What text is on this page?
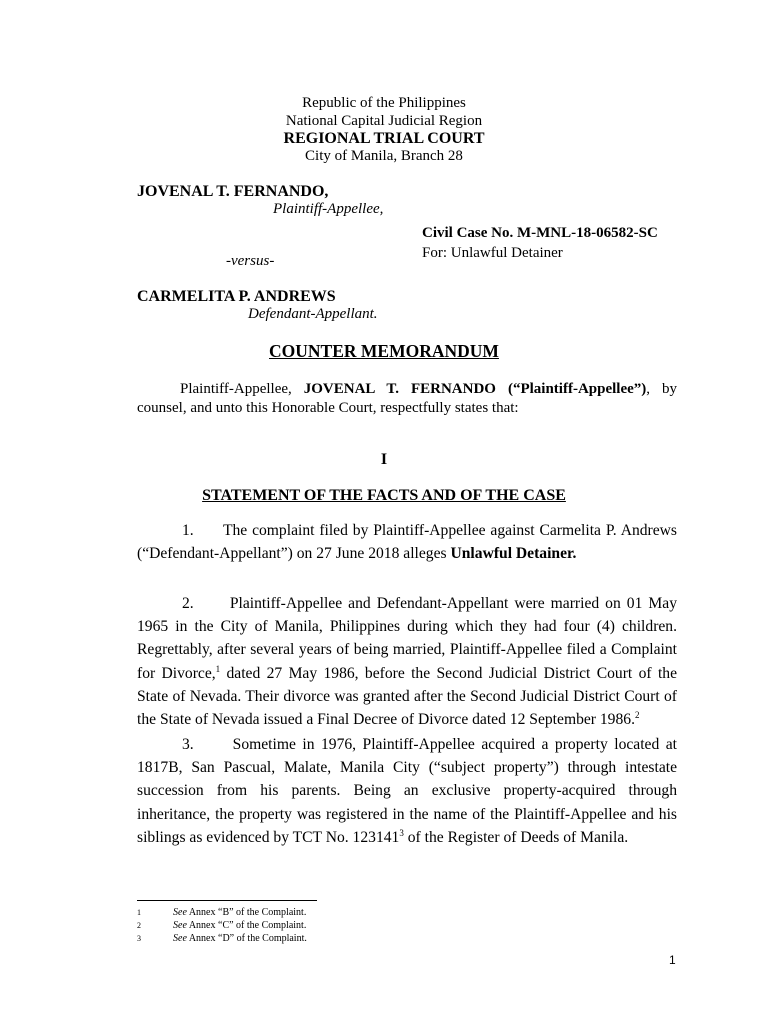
Republic of the Philippines
National Capital Judicial Region
REGIONAL TRIAL COURT
City of Manila, Branch 28
JOVENAL T. FERNANDO,
Plaintiff-Appellee,
Civil Case No. M-MNL-18-06582-SC
For: Unlawful Detainer
-versus-
CARMELITA P. ANDREWS
Defendant-Appellant.
COUNTER MEMORANDUM
Plaintiff-Appellee, JOVENAL T. FERNANDO (“Plaintiff-Appellee”), by counsel, and unto this Honorable Court, respectfully states that:
I
STATEMENT OF THE FACTS AND OF THE CASE
1. The complaint filed by Plaintiff-Appellee against Carmelita P. Andrews (“Defendant-Appellant”) on 27 June 2018 alleges Unlawful Detainer.
2. Plaintiff-Appellee and Defendant-Appellant were married on 01 May 1965 in the City of Manila, Philippines during which they had four (4) children. Regrettably, after several years of being married, Plaintiff-Appellee filed a Complaint for Divorce,$^1$ dated 27 May 1986, before the Second Judicial District Court of the State of Nevada. Their divorce was granted after the Second Judicial District Court of the State of Nevada issued a Final Decree of Divorce dated 12 September 1986.$^2$
3. Sometime in 1976, Plaintiff-Appellee acquired a property located at 1817B, San Pascual, Malate, Manila City (“subject property”) through intestate succession from his parents. Being an exclusive property-acquired through inheritance, the property was registered in the name of the Plaintiff-Appellee and his siblings as evidenced by TCT No. 123141$^3$ of the Register of Deeds of Manila.
1	See Annex “B” of the Complaint.
2	See Annex “C” of the Complaint.
3	See Annex “D” of the Complaint.
1
